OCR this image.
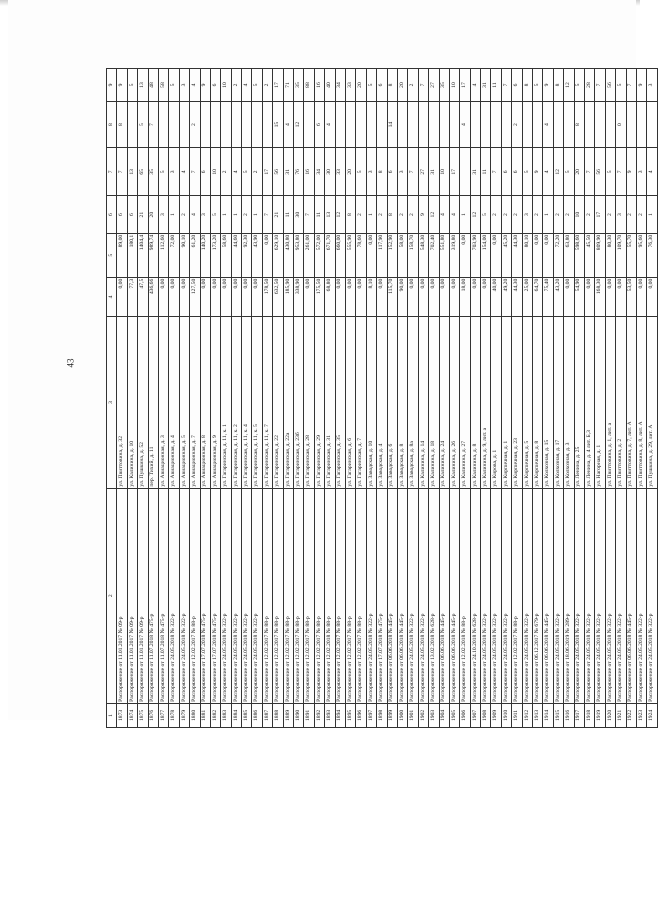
43
1	2	3	4	5	6	7	8	9
1873	Распоряжение от 11.01.2017 № 09-р	ул. Пвиттовина, д. 32	0,00	89,00	6	7	8	9
1874	Распоряжение от 11.01.2017 № 09-р	ул. Калинина, д. 10	77,3	180,1	6	13		5
1875	Распоряжение от 11.01.2017 № 09-р	ул. Пушкина, д. 52	47,5	1404,4	21	65	5	13
1876	Распоряжение от 11.07.2018 № 475-р	пер. Тихий, д. 11	436,66	989,74	20	35	7	48
1877	Распоряжение от 11.07.2018 № 475-р	ул. Авиационная, д. 3	0,00	112,60	3	5		58
1878	Распоряжение от 24.05.2018 № 322-р	ул. Авиационная, д. 4	0,00	72,00	1	3		5
1879	Распоряжение от 24.05.2018 № 322-р	ул. Авиационная, д. 5	0,00	90,10	2	4		3
1880	Распоряжение от 12.02.2017 № 88-р	ул. Авиационная, д. 7	127,50	61,20	4	7	2	4
1881	Распоряжение от 17.07.2018 № 475-р	ул. Авиационная, д. 8	0,00	140,20	3	6		9
1882	Распоряжение от 17.07.2018 № 475-р	ул. Авиационная, д. 9	0,00	173,20	5	10		6
1883	Распоряжение от 24.05.2018 № 322-р	ул. Гагаринская, д. 11, к. 1	0,00	58,60	1	2		10
1884	Распоряжение от 24.05.2018 № 322-р	ул. Гагаринская, д. 11, к. 2	0,00	44,60	1	4		2
1885	Распоряжение от 24.05.2018 № 322-р	ул. Гагаринская, д. 11, к. 4	0,00	92,30	2	5		4
1886	Распоряжение от 24.05.2018 № 322-р	ул. Гагаринская, д. 11, к. 5	0,00	43,90	1	2		5
1887	Распоряжение от 12.02.2017 № 88-р	ул. Гагаринская, д. 11, к. 7	178,50	0,00	7	17		2
1888	Распоряжение от 12.02.2017 № 88-р	ул. Гагаринская, д. 22	632,50	629,10	21	56	15	17
1889	Распоряжение от 12.02.2017 № 88-р	ул. Гагаринская, д. 22а	185,90	430,80	11	31	4	71
1890	Распоряжение от 12.02.2017 № 88-р	ул. Гагаринская, д. 23б	338,90	953,80	30	76	12	35
1891	Распоряжение от 12.02.2017 № 88-р	ул. Гагаринская, д. 28	0,00	261,00	7	16		88
1892	Распоряжение от 12.02.2017 № 88-р	ул. Гагаринская, д. 29	175,50	572,00	11	34	6	16
1893	Распоряжение от 12.02.2018 № 88-р	ул. Гагаринская, д. 31	68,80	671,70	13	30	4	40
1894	Распоряжение от 12.02.2017 № 88-р	ул. Гагаринская, д. 35	0,00	660,00	12	33		34
1895	Распоряжение от 12.02.2017 № 88-р	ул. Гагаринская, д. 6	0,00	555,90	8	20		33
1896	Распоряжение от 12.02.2017 № 88-р	ул. Гагаринская, д. 7	0,00	78,60	2	5		20
1897	Распоряжение от 24.05.2018 № 322-р	ул. Заводская, д. 10	8,10	0,00	1	3		5
1898	Распоряжение от 17.07.2018 № 475-р	ул. Заводская, д. 4	0,00	117,90	2	8		6
1899	Распоряжение от 06.06.2018 № 445-р	ул. Заводская, д. 6	115,70	152,90	8	6	14	8
1900	Распоряжение от 06.06.2018 № 445-р	ул. Заводская, д. 8	90,00	58,00	2	3		20
1901	Распоряжение от 24.05.2018 № 322-р	ул. Заводская, д. 8а	0,00	158,70	2	7		2
1902	Распоряжение от 24.05.2018 № 322-р	ул. Калинина, д. 14	0,00	548,30	9	27		7
1903	Распоряжение от 13.02.2018 № 628-р	ул. Калинина, д. 18	0,00	702,40	12	31		27
1904	Распоряжение от 06.06.2018 № 445-р	ул. Калинина, д. 24	0,00	551,80	4	10		35
1905	Распоряжение от 06.06.2018 № 445-р	ул. Калинина, д. 26	0,00	319,80	4	17		10
1906	Распоряжение от 12.02.2018 № 88-р	ул. Калинина, д. 27	18,00	0,00	1		4	17
1907	Распоряжение от 24.10.2018 № 628-р	ул. Калинина, д. 8	0,00	703,90	12	31		4
1908	Распоряжение от 24.05.2018 № 322-р	ул. Калинина, д. 9, лит. а	0,00	154,00	5	11		31
1909	Распоряжение от 24.05.2018 № 322-р	ул. Кирова, д. 1	40,00	0,00	2	7		11
1910	Распоряжение от 24.05.2018 № 322-р	ул. Кирпичная, д. 1	49,20	45,20	2	6		7
1911	Распоряжение от 12.02.2017 № 88-р	ул. Кирпичная, д. 23	44,30	44,30	2	6	2	6
1912	Распоряжение от 24.05.2018 № 322-р	ул. Кирпичная, д. 5	25,00	80,10	3	5		8
1913	Распоряжение от 06.12.2017 № 679-р	ул. Кирпичная, д. 8	64,70	0,00	2	9		5
1914	Распоряжение от 06.06.2018 № 445-р	ул. Колхозная, д. 15	75,40	0,00	1	4	4	9
1915	Распоряжение от 24.05.2018 № 322-р	ул. Колхозная, д. 17	43,20	72,20	2	12		8
1916	Распоряжение от 18.06.2019 № 289-р	ул. Колхозная, д. 3	0,00	63,80	2	5		12
1917	Распоряжение от 24.05.2018 № 322-р	ул. Ленина, д. 25	54,90	598,60	10	20	8	5
1918	Распоряжение от 24.05.2018 № 322-р	ул. Ленина, д. 4 лит. Б,3	0,00	45,50	2	7		28
1919	Распоряжение от 24.05.2018 № 322-р	ул. Нагорная, д. 1	168,30	809,90	17	56		7
1920	Распоряжение от 24.05.2018 № 322-р	ул. Пвиттовина, д. 1, лит. а	0,00	80,30	2	5		56
1921	Распоряжение от 24.05.2018 № 322-р	ул. Пвиттовина, д. 2	0,00	109,70	3	7	0	5
1922	Распоряжение от 06.06.2018 № 445-р	ул. Пвиттовина, д. 7, лит. А	53,50	55,70	2	9		7
1923	Распоряжение от 24.05.2018 № 322-р	ул. Пвиттовина, д. 8, лит. А	0,00	95,60	2	3		9
1924	Распоряжение от 24.05.2018 № 322-р	ул. Пушкина, д. 29, лит. А	0,00	76,30	1	4		3
